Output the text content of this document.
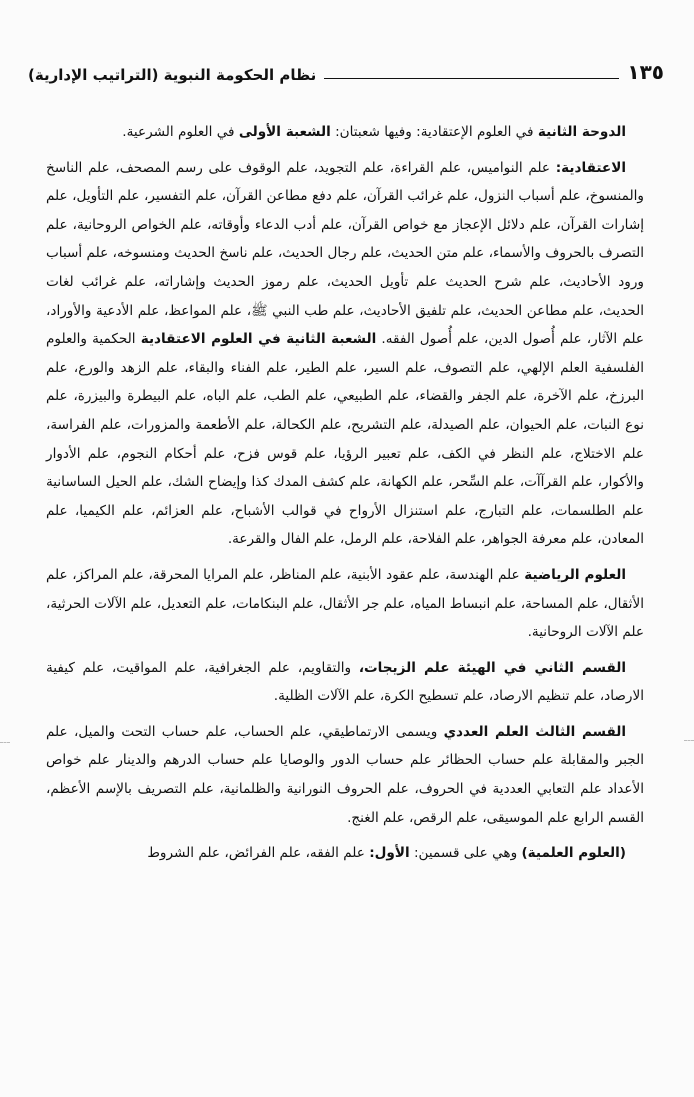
نظام الحكومة النبوية (التراتيب الإدارية)	١٣٥

الدوحة الثانية في العلوم الإعتقادية: وفيها شعبتان: الشعبة الأولى في العلوم الشرعية.

الاعتقادية: علم النواميس، علم القراءة، علم التجويد، علم الوقوف على رسم المصحف، علم الناسخ والمنسوخ، علم أسباب النزول، علم غرائب القرآن، علم دفع مطاعن القرآن، علم التفسير، علم التأويل، علم إشارات القرآن، علم دلائل الإعجاز مع خواص القرآن، علم أدب الدعاء وأوقاته، علم الخواص الروحانية، علم التصرف بالحروف والأسماء، علم متن الحديث، علم رجال الحديث، علم ناسخ الحديث ومنسوخه، علم أسباب ورود الأحاديث، علم شرح الحديث علم تأويل الحديث، علم رموز الحديث وإشاراته، علم غرائب لغات الحديث، علم مطاعن الحديث، علم تلفيق الأحاديث، علم طب النبي ﷺ، علم المواعظ، علم الأدعية والأوراد، علم الآثار، علم أُصول الدين، علم أُصول الفقه. الشعبة الثانية في العلوم الاعتقادية الحكمية والعلوم الفلسفية العلم الإلهي، علم التصوف، علم السير، علم الطير، علم الفناء والبقاء، علم الزهد والورع، علم البرزخ، علم الآخرة، علم الجفر والقضاء، علم الطبيعي، علم الطب، علم الباه، علم البيطرة والبيزرة، علم نوع النبات، علم الحيوان، علم الصيدلة، علم التشريح، علم الكحالة، علم الأطعمة والمزورات، علم الفراسة، علم الاختلاج، علم النظر في الكف، علم تعبير الرؤيا، علم قوس فزح، علم أحكام النجوم، علم الأدوار والأكوار، علم القرآآت، علم السِّحر، علم الكهانة، علم كشف المدك كذا وإيضاح الشك، علم الحيل الساسانية علم الطلسمات، علم التبارج، علم استنزال الأرواح في قوالب الأشباح، علم العزائم، علم الكيميا، علم المعادن، علم معرفة الجواهر، علم الفلاحة، علم الرمل، علم الفال والقرعة.

العلوم الرياضية علم الهندسة، علم عقود الأبنية، علم المناظر، علم المرايا المحرقة، علم المراكز، علم الأثقال، علم المساحة، علم انبساط المياه، علم جر الأثقال، علم البنكامات، علم التعديل، علم الآلات الحرثية، علم الآلات الروحانية.

القسم الثاني في الهيئة علم الزيجات، والتقاويم، علم الجغرافية، علم المواقيت، علم كيفية الارصاد، علم تنظيم الارصاد، علم تسطيح الكرة، علم الآلات الظلية.

القسم الثالث العلم العددي ويسمى الارتماطيقي، علم الحساب، علم حساب التحت والميل، علم الجبر والمقابلة علم حساب الحظائر علم حساب الدور والوصايا علم حساب الدرهم والدينار علم خواص الأعداد علم التعابي العددية في الحروف، علم الحروف النورانية والظلمانية، علم التصريف بالإسم الأعظم، القسم الرابع علم الموسيقى، علم الرقص، علم الغنج.

(العلوم العلمية) وهي على قسمين: الأول: علم الفقه، علم الفرائض، علم الشروط
